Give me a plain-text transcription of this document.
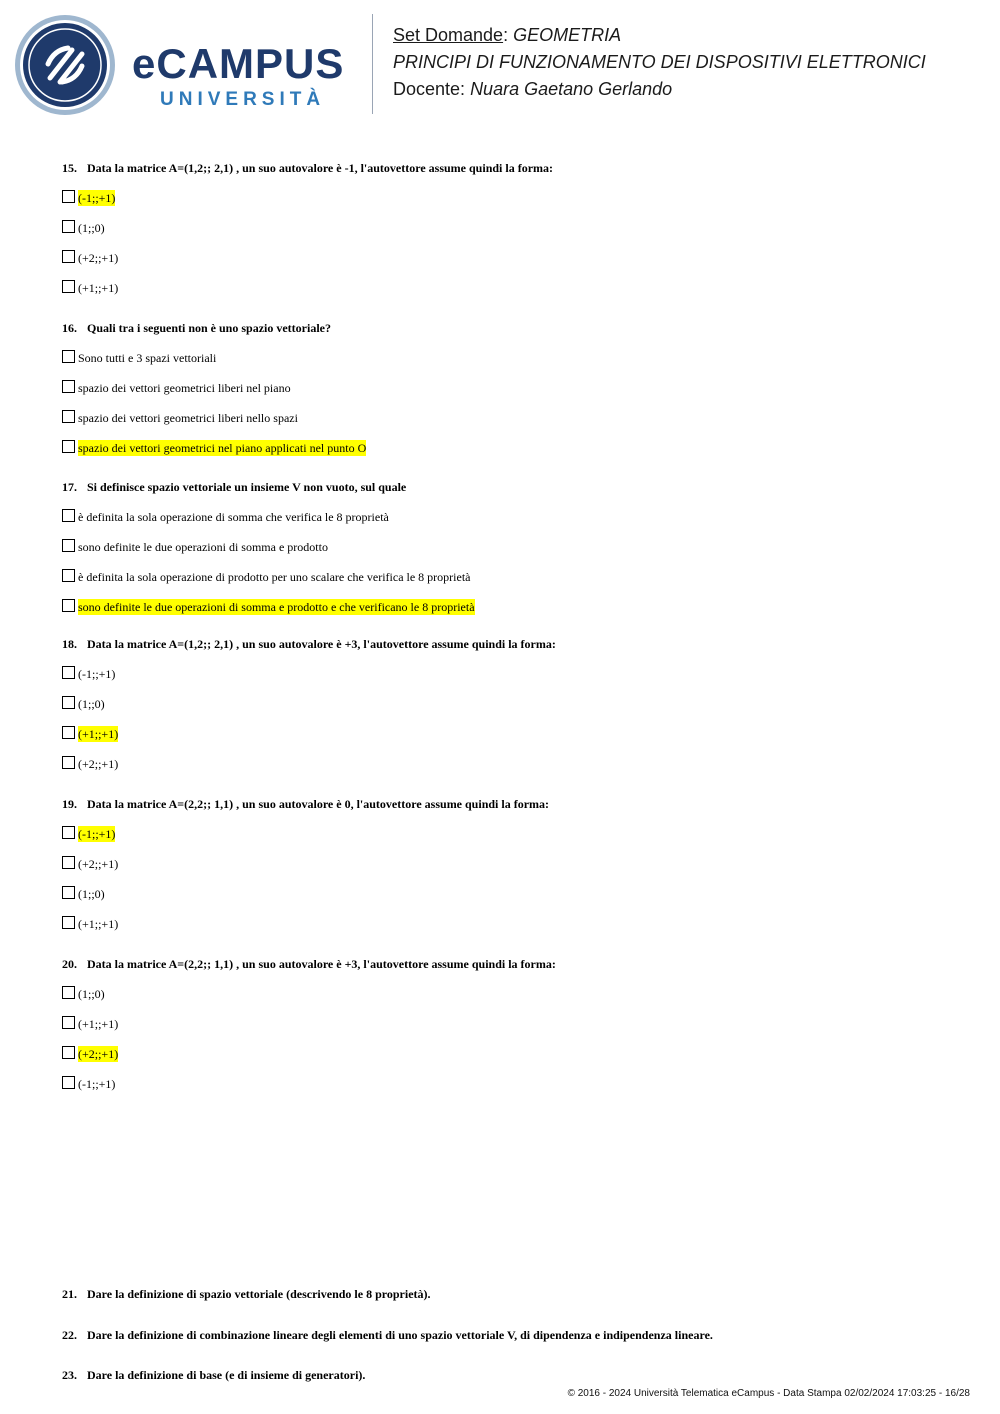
eCAMPUS
UNIVERSITÀ
Set Domande: GEOMETRIA
PRINCIPI DI FUNZIONAMENTO DEI DISPOSITIVI ELETTRONICI
Docente: Nuara Gaetano Gerlando
15. Data la matrice A=(1,2;; 2,1) , un suo autovalore è -1, l'autovettore assume quindi la forma:
(-1;;+1)
(1;;0)
(+2;;+1)
(+1;;+1)
16. Quali tra i seguenti non è uno spazio vettoriale?
Sono tutti e 3 spazi vettoriali
spazio dei vettori geometrici liberi nel piano
spazio dei vettori geometrici liberi nello spazi
spazio dei vettori geometrici nel piano applicati nel punto O
17. Si definisce spazio vettoriale un insieme V non vuoto, sul quale
è definita la sola operazione di somma che verifica le 8 proprietà
sono definite le due operazioni di somma e prodotto
è definita la sola operazione di prodotto per uno scalare che verifica le 8 proprietà
sono definite le due operazioni di somma e prodotto e che verificano le 8 proprietà
18. Data la matrice A=(1,2;; 2,1) , un suo autovalore è +3, l'autovettore assume quindi la forma:
(-1;;+1)
(1;;0)
(+1;;+1)
(+2;;+1)
19. Data la matrice A=(2,2;; 1,1) , un suo autovalore è 0, l'autovettore assume quindi la forma:
(-1;;+1)
(+2;;+1)
(1;;0)
(+1;;+1)
20. Data la matrice A=(2,2;; 1,1) , un suo autovalore è +3, l'autovettore assume quindi la forma:
(1;;0)
(+1;;+1)
(+2;;+1)
(-1;;+1)
21. Dare la definizione di spazio vettoriale (descrivendo le 8 proprietà).
22. Dare la definizione di combinazione lineare degli elementi di uno spazio vettoriale V, di dipendenza e indipendenza lineare.
23. Dare la definizione di base (e di insieme di generatori).
© 2016 - 2024 Università Telematica eCampus - Data Stampa 02/02/2024 17:03:25 - 16/28
